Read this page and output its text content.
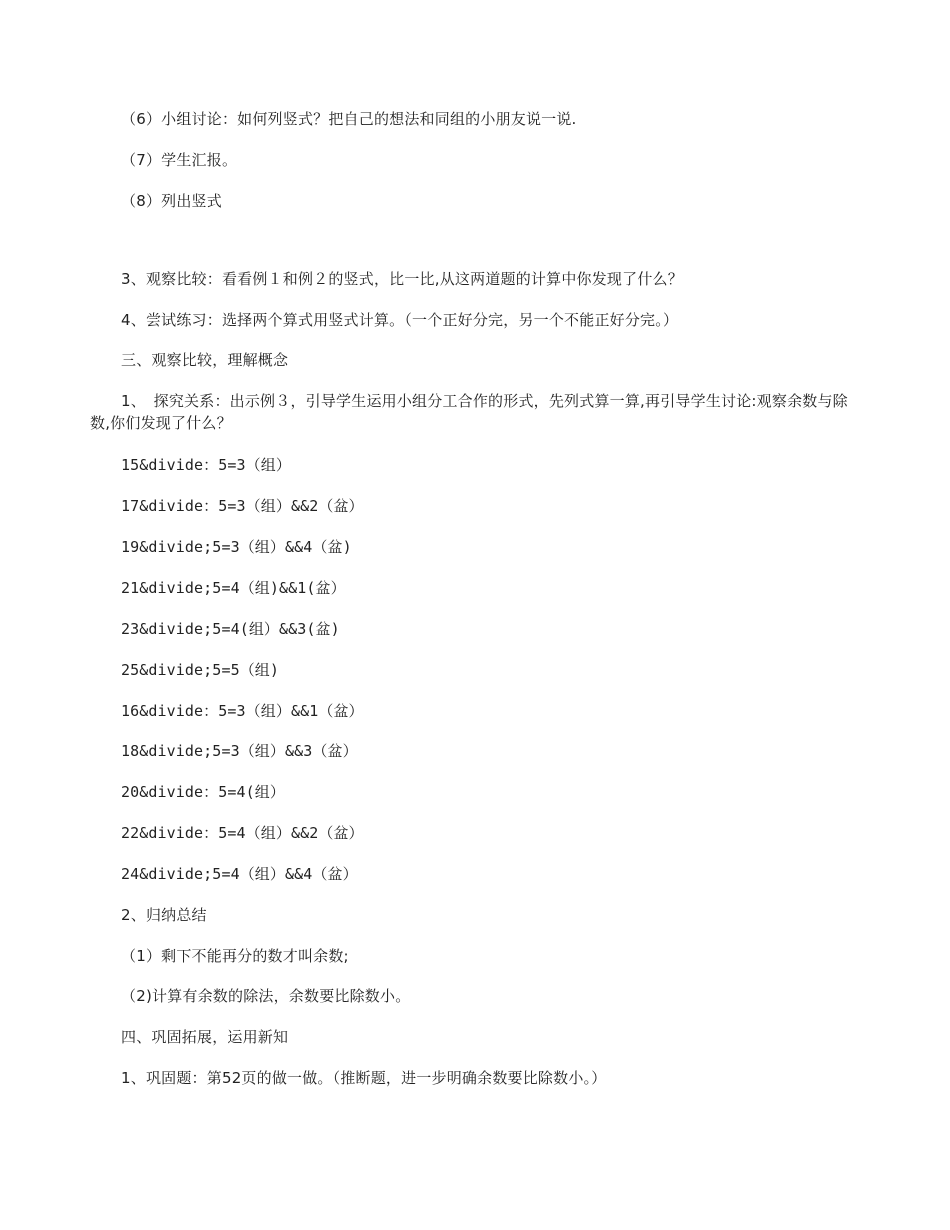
（6）小组讨论：如何列竖式？把自己的想法和同组的小朋友说一说.
（7）学生汇报。
（8）列出竖式
3、观察比较：看看例１和例２的竖式，比一比,从这两道题的计算中你发现了什么？
4、尝试练习：选择两个算式用竖式计算。（一个正好分完，另一个不能正好分完。）
三、观察比较，理解概念
1、　探究关系：出示例３，引导学生运用小组分工合作的形式，先列式算一算,再引导学生讨论:观察余数与除数,你们发现了什么？
15&divide：5=3（组）
17&divide：5=3（组）&&2（盆）
19&divide;5=3（组）&&4（盆)
21&divide;5=4（组)&&1(盆）
23&divide;5=4(组）&&3(盆)
25&divide;5=5（组)
16&divide：5=3（组）&&1（盆）
18&divide;5=3（组）&&3（盆）
20&divide：5=4(组）
22&divide：5=4（组）&&2（盆）
24&divide;5=4（组）&&4（盆）
2、归纳总结
（1）剩下不能再分的数才叫余数;
（2)计算有余数的除法，余数要比除数小。
四、巩固拓展，运用新知
1、巩固题：第52页的做一做。（推断题，进一步明确余数要比除数小。）
